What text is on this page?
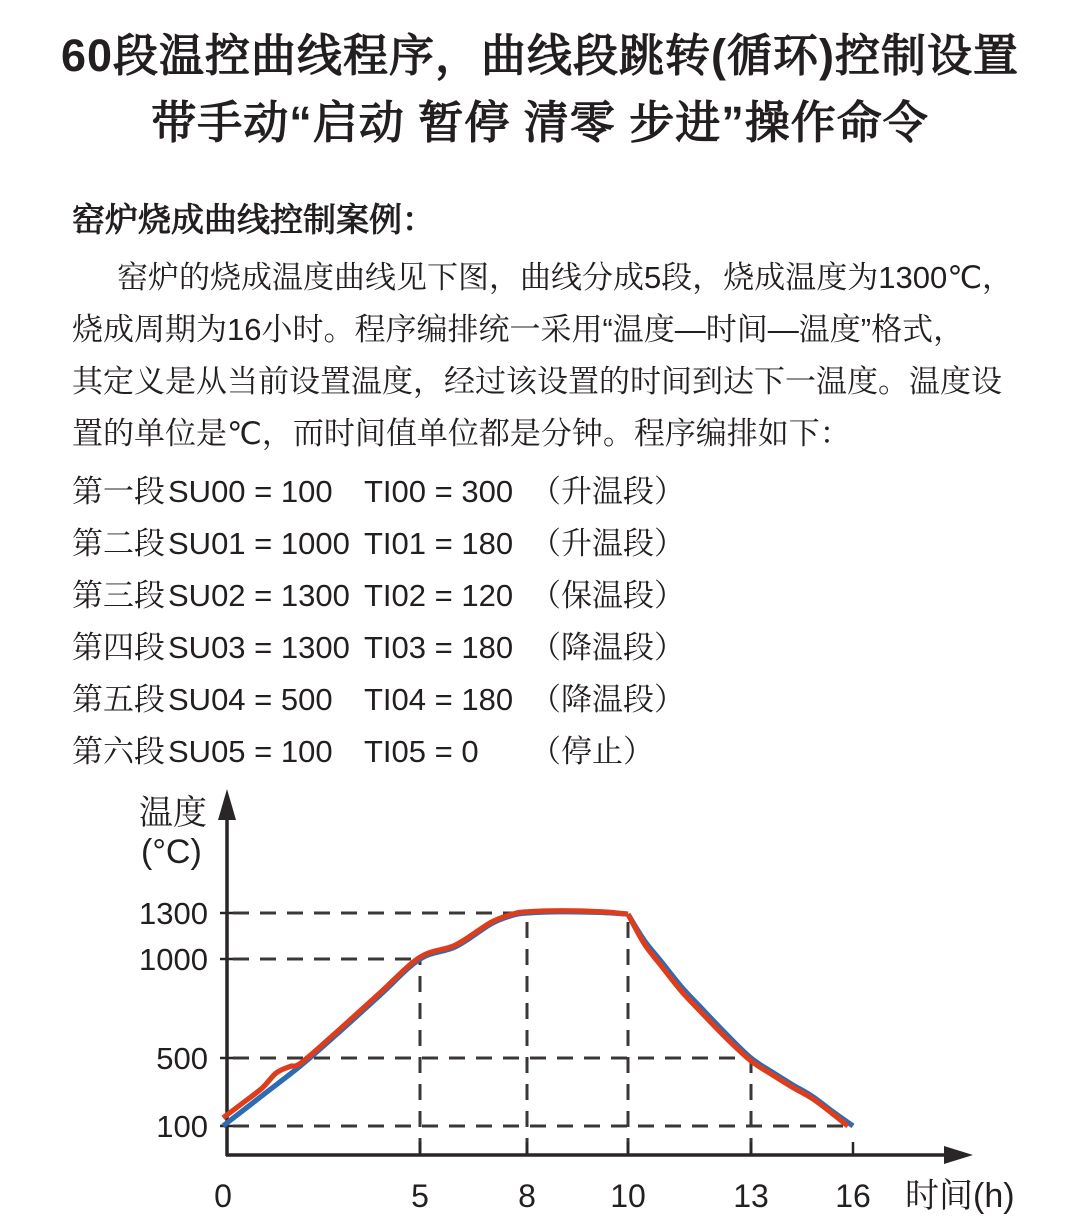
60段温控曲线程序，曲线段跳转(循环)控制设置
带手动“启动 暂停 清零 步进”操作命令
窑炉烧成曲线控制案例：
窑炉的烧成温度曲线见下图，曲线分成5段，烧成温度为1300℃，
烧成周期为16小时。程序编排统一采用“温度—时间—温度”格式，
其定义是从当前设置温度，经过该设置的时间到达下一温度。温度设
置的单位是℃，而时间值单位都是分钟。程序编排如下：
第一段 SU00 = 100	TI00 = 300 （升温段）
第二段 SU01 = 1000 TI01 = 180 （升温段）
第三段 SU02 = 1300 TI02 = 120 （保温段）
第四段 SU03 = 1300 TI03 = 180 （降温段）
第五段 SU04 = 500	TI04 = 180 （降温段）
第六段 SU05 = 100	TI05 = 0	（停止）
100
500
1000
1300
0	5	8 10	13 16
温度
(°C)
时间(h)
